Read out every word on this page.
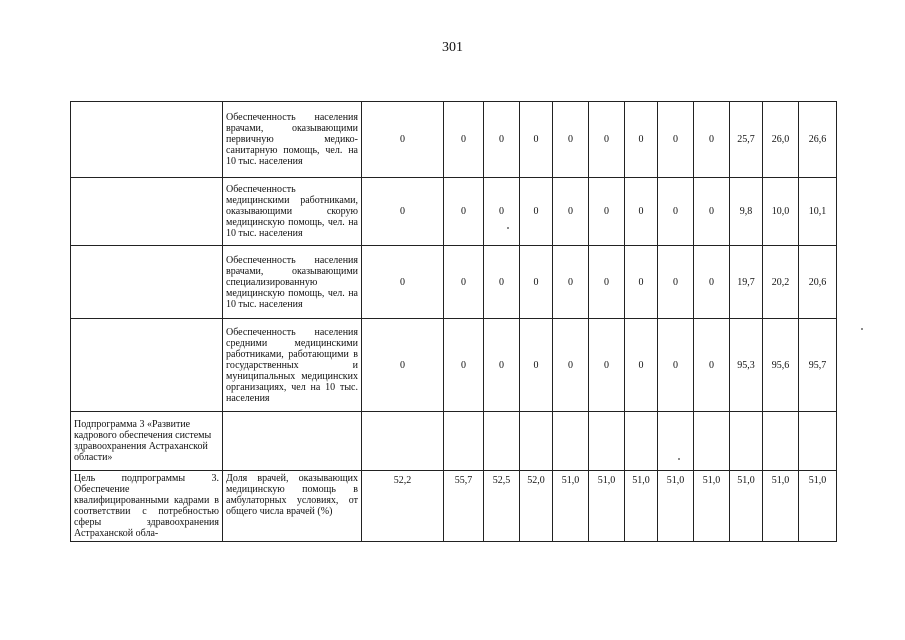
301
	Обеспеченность населения врачами, оказывающими первичную медико-санитарную помощь, чел. на 10 тыс. населения	0	0	0	0	0	0	0	0	0	25,7	26,0	26,6
	Обеспеченность медицинскими работниками, оказывающими скорую медицинскую помощь, чел. на 10 тыс. населения	0	0	0	0	0	0	0	0	0	9,8	10,0	10,1
	Обеспеченность населения врачами, оказывающими специализированную медицинскую помощь, чел. на 10 тыс. населения	0	0	0	0	0	0	0	0	0	19,7	20,2	20,6
	Обеспеченность населения средними медицинскими работниками, работающими в государственных и муниципальных медицинских организациях, чел на 10 тыс. населения	0	0	0	0	0	0	0	0	0	95,3	95,6	95,7
Подпрограмма 3 «Развитие кадрового обеспечения системы здравоохранения Астраханской области»													
Цель подпрограммы 3. Обеспечение квалифицированными кадрами в соответствии с потребностью сферы здравоохранения Астраханской обла-	Доля врачей, оказывающих медицинскую помощь в амбулаторных условиях, от общего числа врачей (%)	52,2	55,7	52,5	52,0	51,0	51,0	51,0	51,0	51,0	51,0	51,0	51,0
